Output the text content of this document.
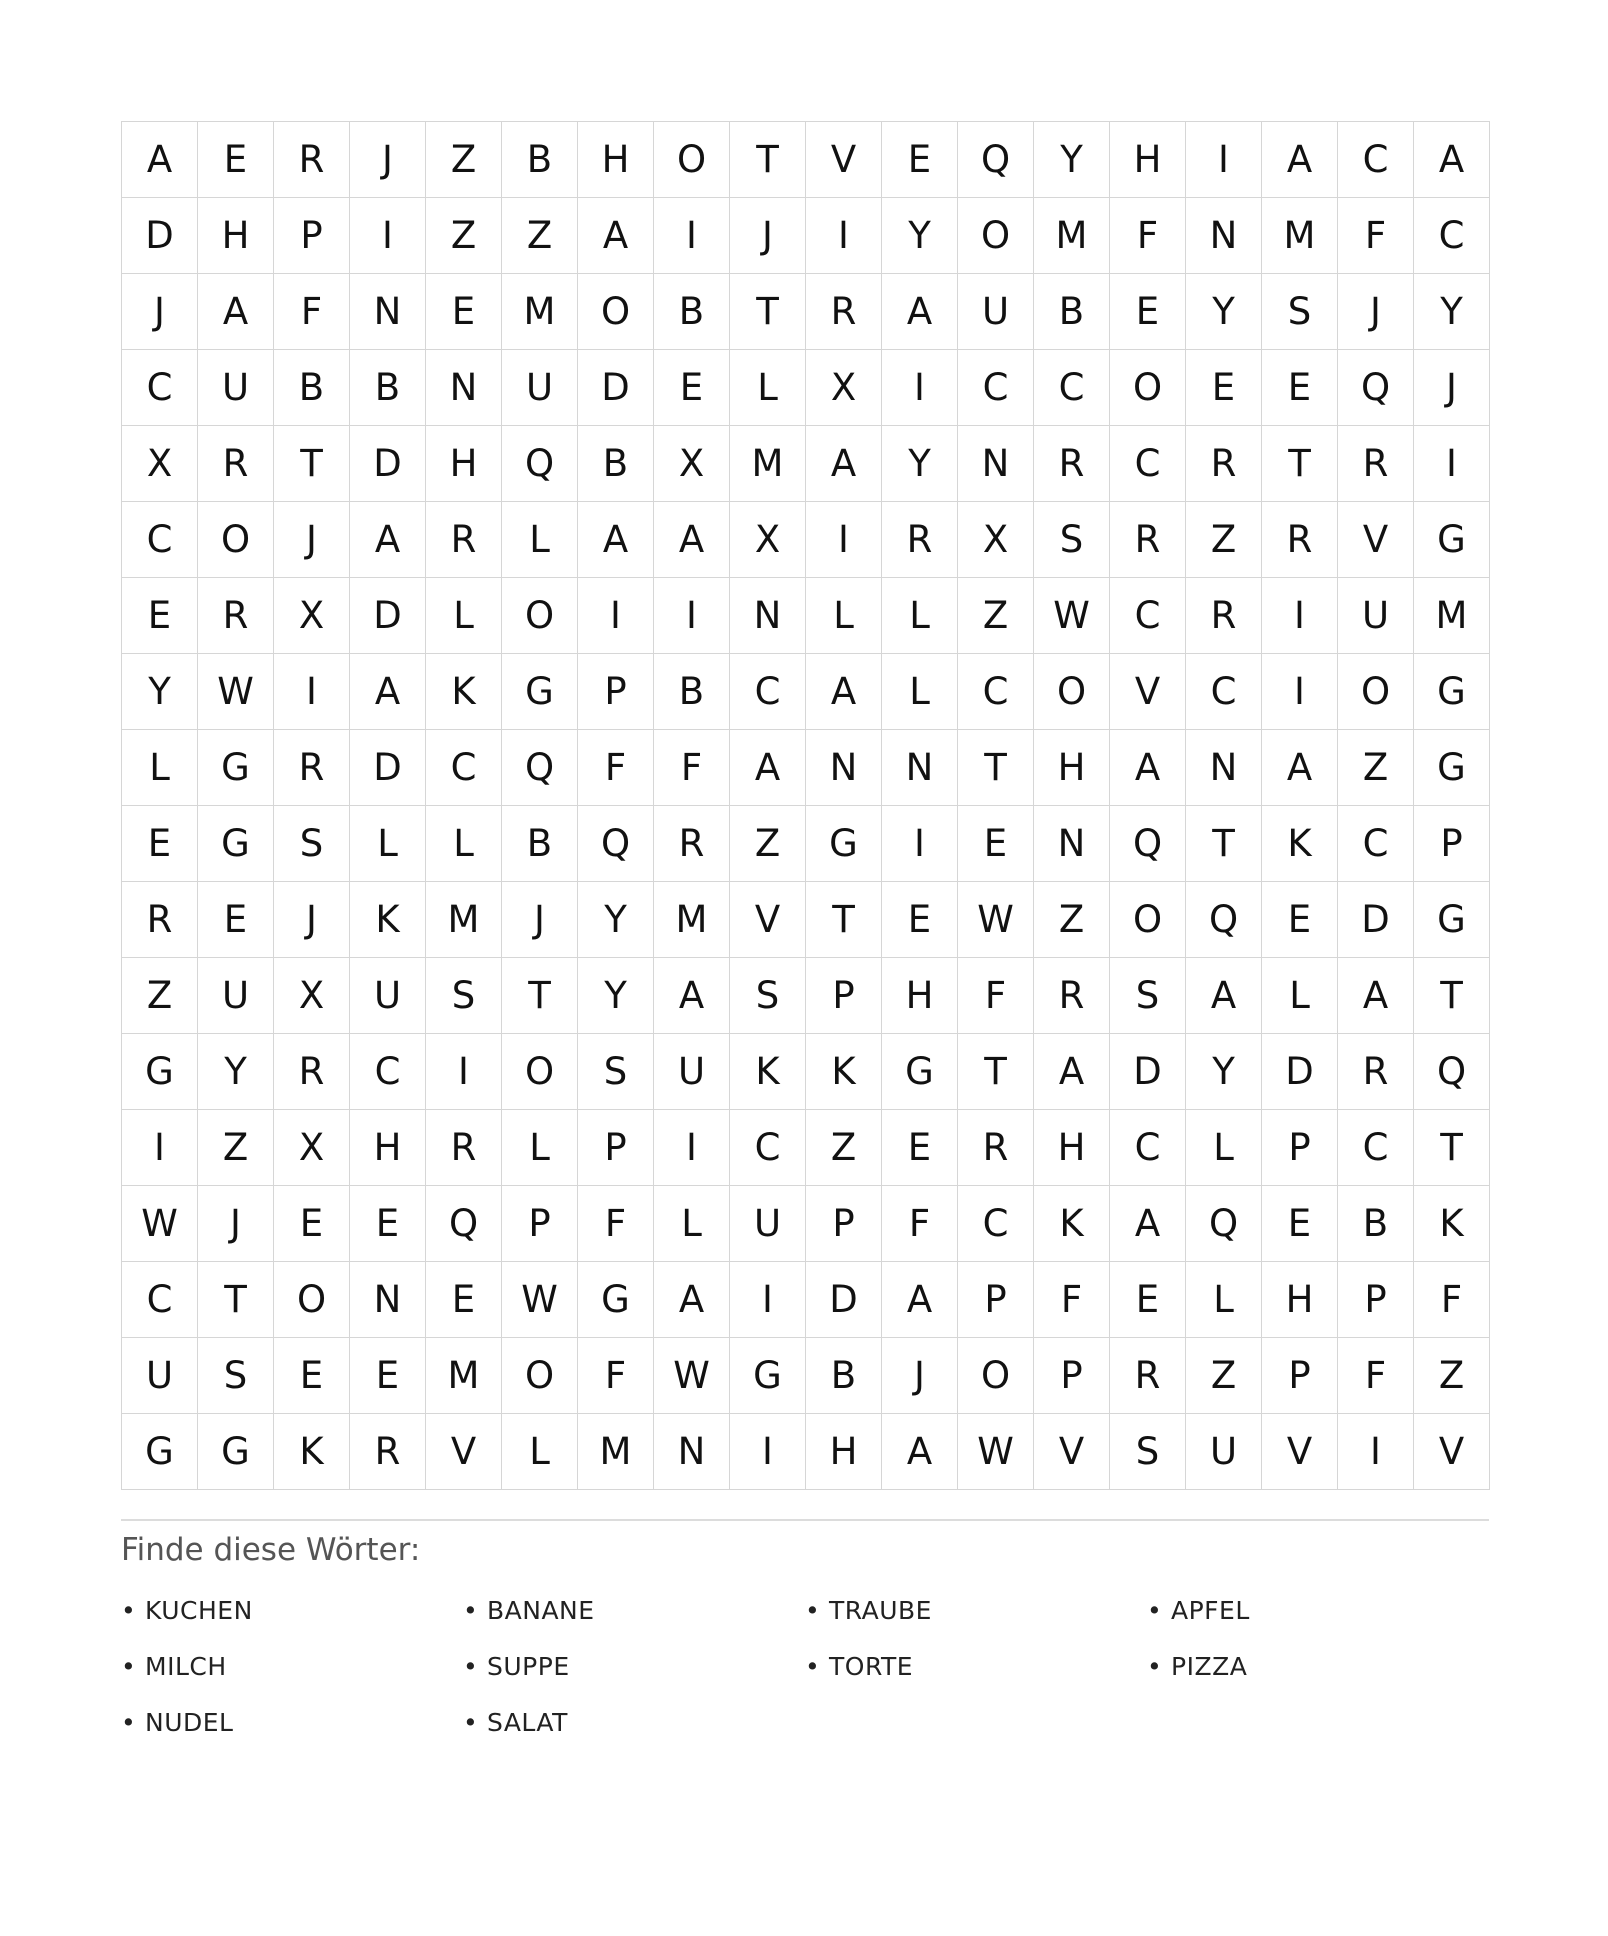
A	E	R	J	Z	B	H	O	T	V	E	Q	Y	H	I	A	C	A
D	H	P	I	Z	Z	A	I	J	I	Y	O	M	F	N	M	F	C
J	A	F	N	E	M	O	B	T	R	A	U	B	E	Y	S	J	Y
C	U	B	B	N	U	D	E	L	X	I	C	C	O	E	E	Q	J
X	R	T	D	H	Q	B	X	M	A	Y	N	R	C	R	T	R	I
C	O	J	A	R	L	A	A	X	I	R	X	S	R	Z	R	V	G
E	R	X	D	L	O	I	I	N	L	L	Z	W	C	R	I	U	M
Y	W	I	A	K	G	P	B	C	A	L	C	O	V	C	I	O	G
L	G	R	D	C	Q	F	F	A	N	N	T	H	A	N	A	Z	G
E	G	S	L	L	B	Q	R	Z	G	I	E	N	Q	T	K	C	P
R	E	J	K	M	J	Y	M	V	T	E	W	Z	O	Q	E	D	G
Z	U	X	U	S	T	Y	A	S	P	H	F	R	S	A	L	A	T
G	Y	R	C	I	O	S	U	K	K	G	T	A	D	Y	D	R	Q
I	Z	X	H	R	L	P	I	C	Z	E	R	H	C	L	P	C	T
W	J	E	E	Q	P	F	L	U	P	F	C	K	A	Q	E	B	K
C	T	O	N	E	W	G	A	I	D	A	P	F	E	L	H	P	F
U	S	E	E	M	O	F	W	G	B	J	O	P	R	Z	P	F	Z
G	G	K	R	V	L	M	N	I	H	A	W	V	S	U	V	I	V
Finde diese Wörter:
• KUCHEN	• BANANE	• TRAUBE	• APFEL
• MILCH	• SUPPE	• TORTE	• PIZZA
• NUDEL	• SALAT
